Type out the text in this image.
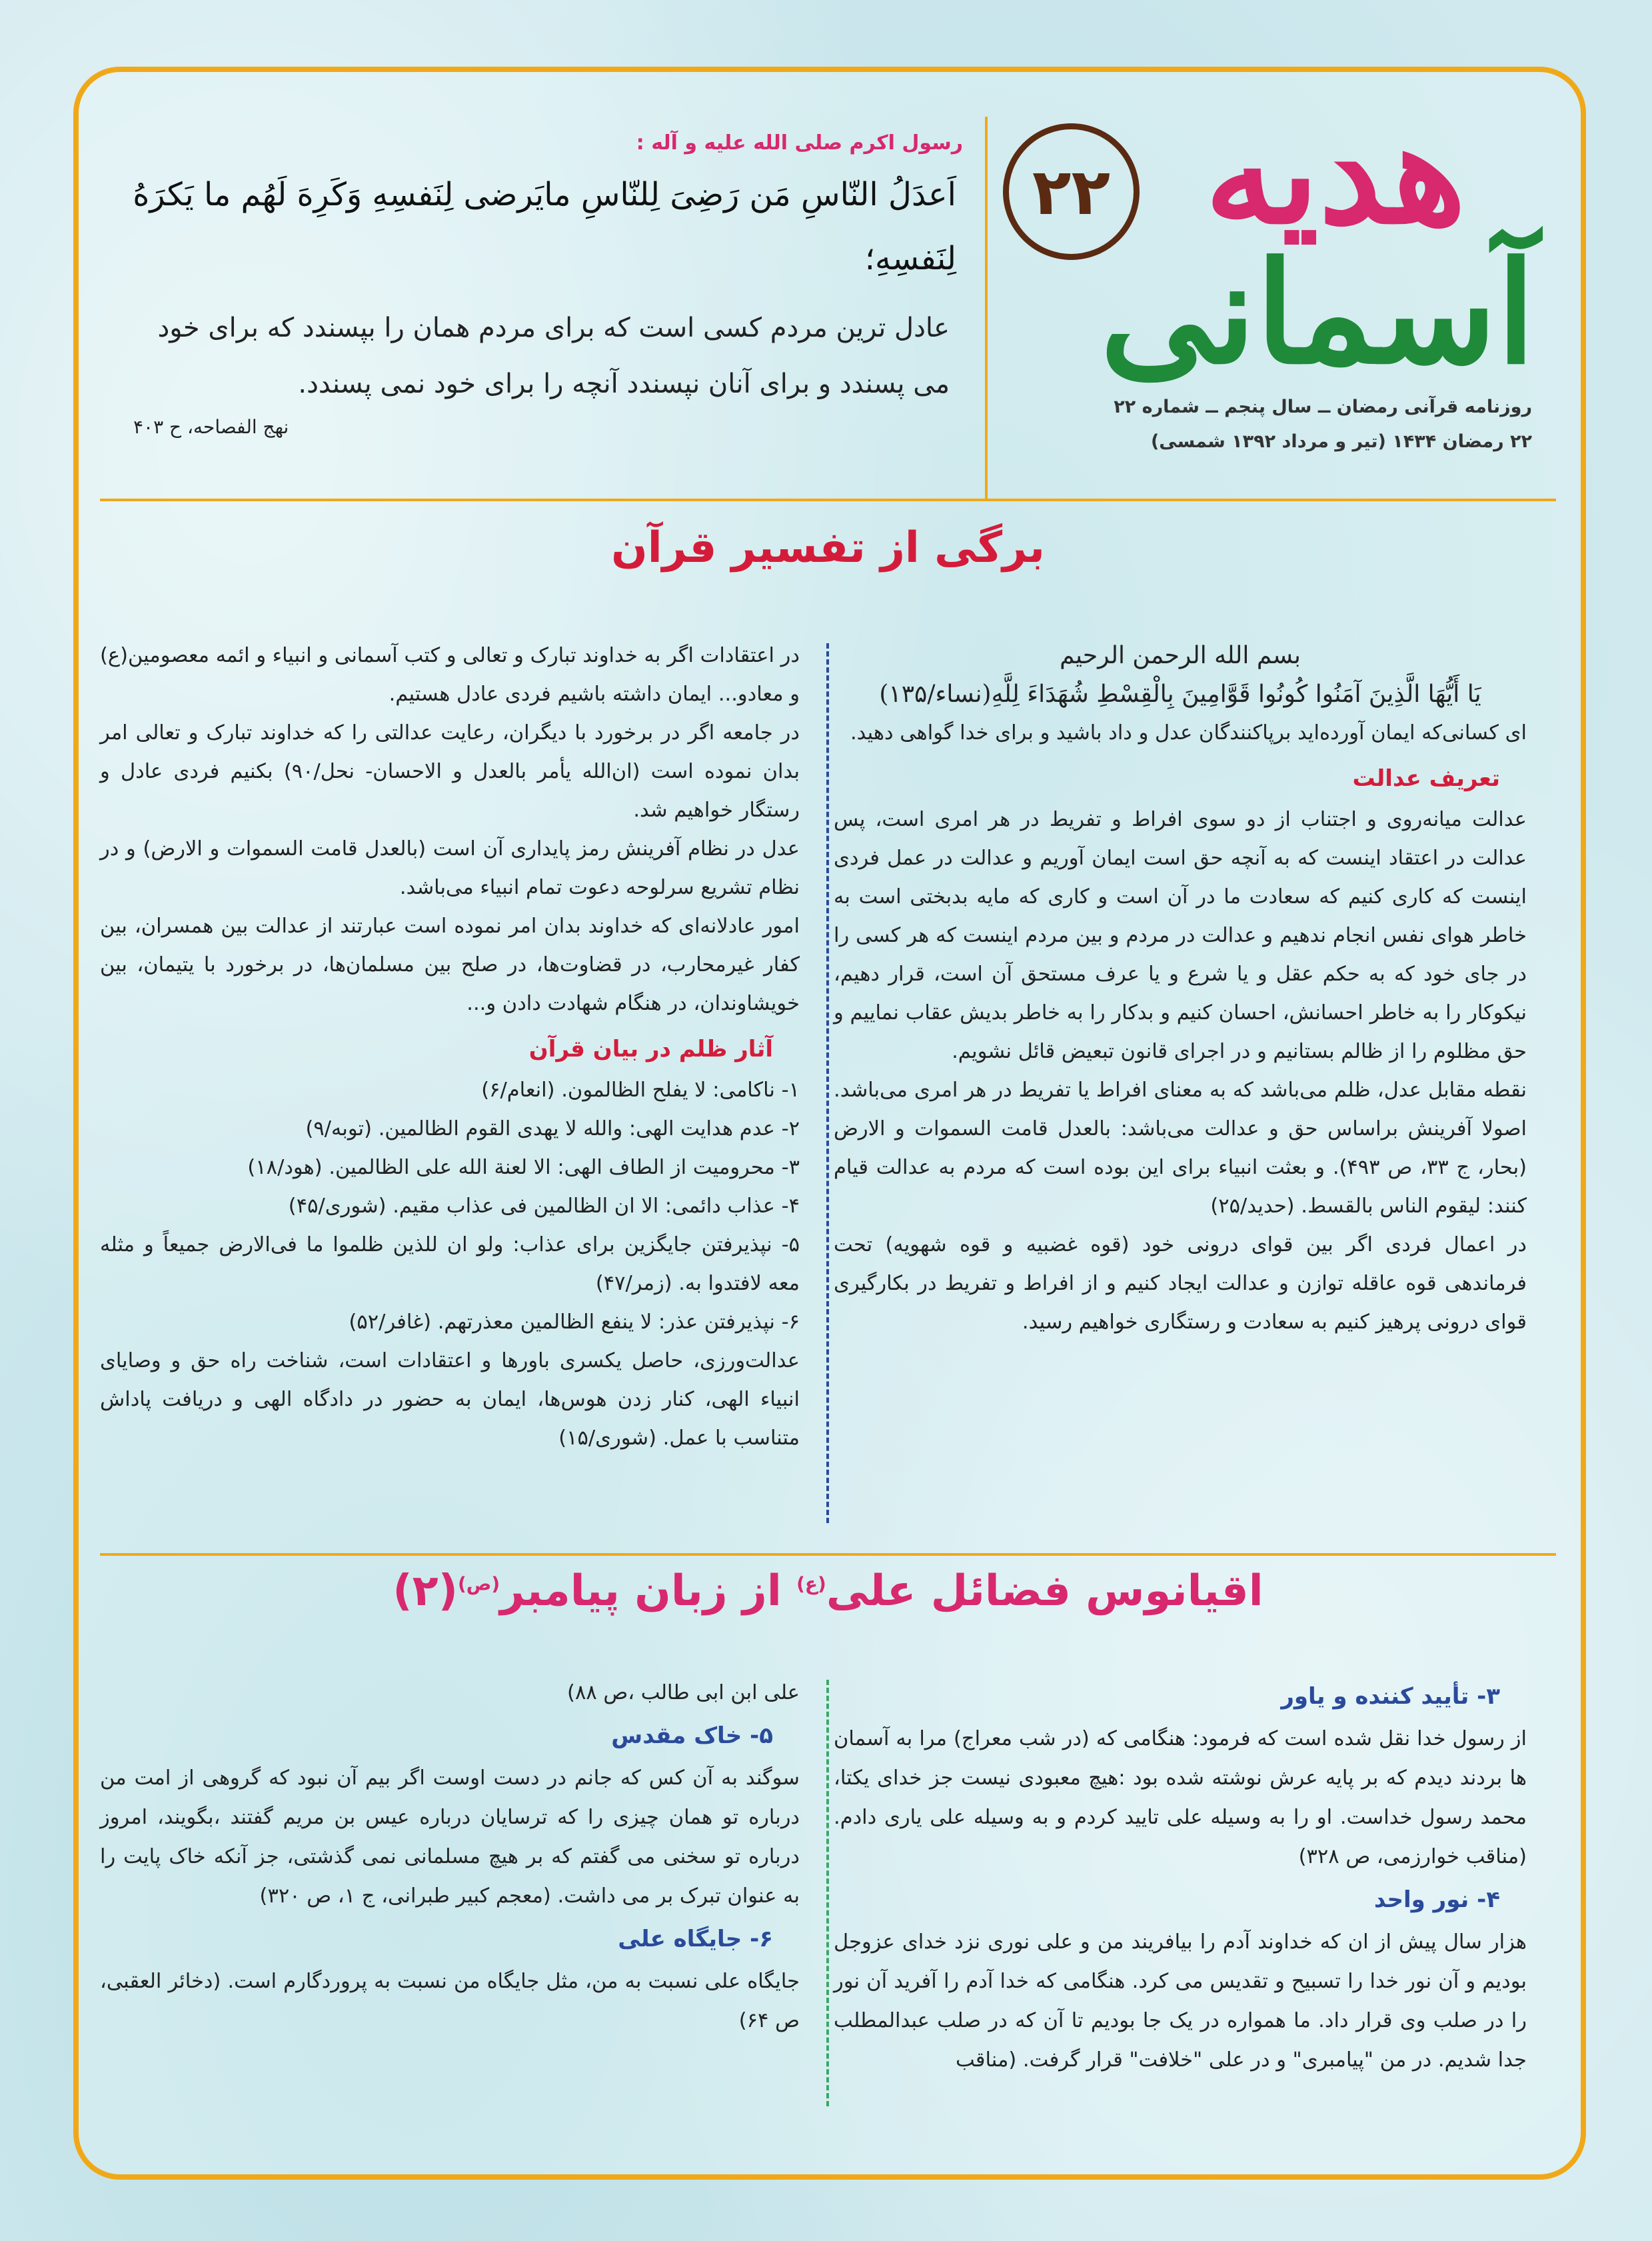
هدیه
آسمانی
۲۲
روزنامه قرآنی رمضان ــ سال پنجم ــ شماره ۲۲
۲۲ رمضان ۱۴۳۴ (تیر و مرداد ۱۳۹۲ شمسی)
رسول اکرم صلی الله علیه و آله :
اَعدَلُ النّاسِ مَن رَضِیَ لِلنّاسِ مایَرضی لِنَفسِهِ وَکَرِهَ لَهُم ما یَکرَهُ لِنَفسِهِ؛
عادل ترین مردم کسی است که برای مردم همان را بپسندد که برای خود می پسندد و برای آنان نپسندد آنچه را برای خود نمی پسندد.
نهج الفصاحه، ح ۴۰۳
برگی از تفسیر قرآن

بسم الله الرحمن الرحیم

یَا أَيُّهَا الَّذِينَ آمَنُوا كُونُوا قَوَّامِينَ بِالْقِسْطِ شُهَدَاءَ لِلَّهِ(نساء/۱۳۵)

ای کسانی‌که ایمان آورده‌اید برپاکنندگان عدل و داد باشید و برای خدا گواهی دهید.

تعریف عدالت

عدالت میانه‌روی و اجتناب از دو سوی افراط و تفریط در هر امری است، پس عدالت در اعتقاد اینست که به آنچه حق است ایمان آوریم و عدالت در عمل فردی اینست که کاری کنیم که سعادت ما در آن است و کاری که مایه بدبختی است به خاطر هوای نفس انجام ندهیم و عدالت در مردم و بین مردم اینست که هر کسی را در جای خود که به حکم عقل و یا شرع و یا عرف مستحق آن است، قرار دهیم، نیکوکار را به خاطر احسانش، احسان کنیم و بدکار را به خاطر بدیش عقاب نماییم و حق مظلوم را از ظالم بستانیم و در اجرای قانون تبعیض قائل نشویم.

نقطه مقابل عدل، ظلم می‌باشد که به معنای افراط یا تفریط در هر امری می‌باشد. اصولا آفرینش براساس حق و عدالت می‌باشد: بالعدل قامت السموات و الارض (بحار، ج ۳۳، ص ۴۹۳). و بعثت انبیاء برای این بوده است که مردم به عدالت قیام کنند: لیقوم الناس بالقسط. (حدید/۲۵)

در اعمال فردی اگر بین قوای درونی خود (قوه غضبیه و قوه شهویه) تحت فرماندهی قوه عاقله توازن و عدالت ایجاد کنیم و از افراط و تفریط در بکارگیری قوای درونی پرهیز کنیم به سعادت و رستگاری خواهیم رسید.

در اعتقادات اگر به خداوند تبارک و تعالی و کتب آسمانی و انبیاء و ائمه معصومین(ع) و معادو... ایمان داشته باشیم فردی عادل هستیم.

در جامعه اگر در برخورد با دیگران، رعایت عدالتی را که خداوند تبارک و تعالی امر بدان نموده است (ان‌الله یأمر بالعدل و الاحسان- نحل/۹۰) بکنیم فردی عادل و رستگار خواهیم شد.

عدل در نظام آفرینش رمز پایداری آن است (بالعدل قامت السموات و الارض) و در نظام تشریع سرلوحه دعوت تمام انبیاء می‌باشد.

امور عادلانه‌ای که خداوند بدان امر نموده است عبارتند از عدالت بین همسران، بین کفار غیرمحارب، در قضاوت‌ها، در صلح بین مسلمان‌ها، در برخورد با یتیمان، بین خویشاوندان، در هنگام شهادت دادن و...

آثار ظلم در بیان قرآن

۱- ناکامی: لا یفلح الظالمون. (انعام/۶)

۲- عدم هدایت الهی: والله لا یهدی القوم الظالمین. (توبه/۹)

۳- محرومیت از الطاف الهی: الا لعنة الله علی الظالمین. (هود/۱۸)

۴- عذاب دائمی: الا ان الظالمین فی عذاب مقیم. (شوری/۴۵)

۵- نپذیرفتن جایگزین برای عذاب: ولو ان للذین ظلموا ما فی‌الارض جمیعاً و مثله معه لافتدوا به. (زمر/۴۷)

۶- نپذیرفتن عذر: لا ینفع الظالمین معذرتهم. (غافر/۵۲)

عدالت‌ورزی، حاصل یکسری باورها و اعتقادات است، شناخت راه حق و وصایای انبیاء الهی، کنار زدن هوس‌ها، ایمان به حضور در دادگاه الهی و دریافت پاداش متناسب با عمل. (شوری/۱۵)

اقیانوس فضائل علی$^{(ع)}$ از زبان پیامبر$^{(ص)}$(۲)

۳- تأیید کننده و یاور

از رسول خدا نقل شده است که فرمود: هنگامی که (در شب معراج) مرا به آسمان ها بردند دیدم که بر پایه عرش نوشته شده بود :هیچ معبودی نیست جز خدای یکتا، محمد رسول خداست. او را به وسیله علی تایید کردم و به وسیله علی یاری دادم. (مناقب خوارزمی، ص ۳۲۸)

۴- نور واحد

هزار سال پیش از ان که خداوند آدم را بیافریند من و علی نوری نزد خدای عزوجل بودیم و آن نور خدا را تسبیح و تقدیس می کرد. هنگامی که خدا آدم را آفرید آن نور را در صلب وی قرار داد. ما همواره در یک جا بودیم تا آن که در صلب عبدالمطلب جدا شدیم. در من "پیامبری" و در علی "خلافت" قرار گرفت. (مناقب

علی ابن ابی طالب ،ص ۸۸)

۵- خاک مقدس

سوگند به آن کس که جانم در دست اوست اگر بیم آن نبود که گروهی از امت من درباره تو همان چیزی را که ترسایان درباره عیس بن مریم گفتند ،بگویند، امروز درباره تو سخنی می گفتم که بر هیچ مسلمانی نمی گذشتی، جز آنکه خاک پایت را به عنوان تبرک بر می داشت. (معجم کبیر طبرانی، ج ۱، ص ۳۲۰)

۶- جایگاه علی

جایگاه علی نسبت به من، مثل جایگاه من نسبت به پروردگارم است. (دخائر العقبی، ص ۶۴)
